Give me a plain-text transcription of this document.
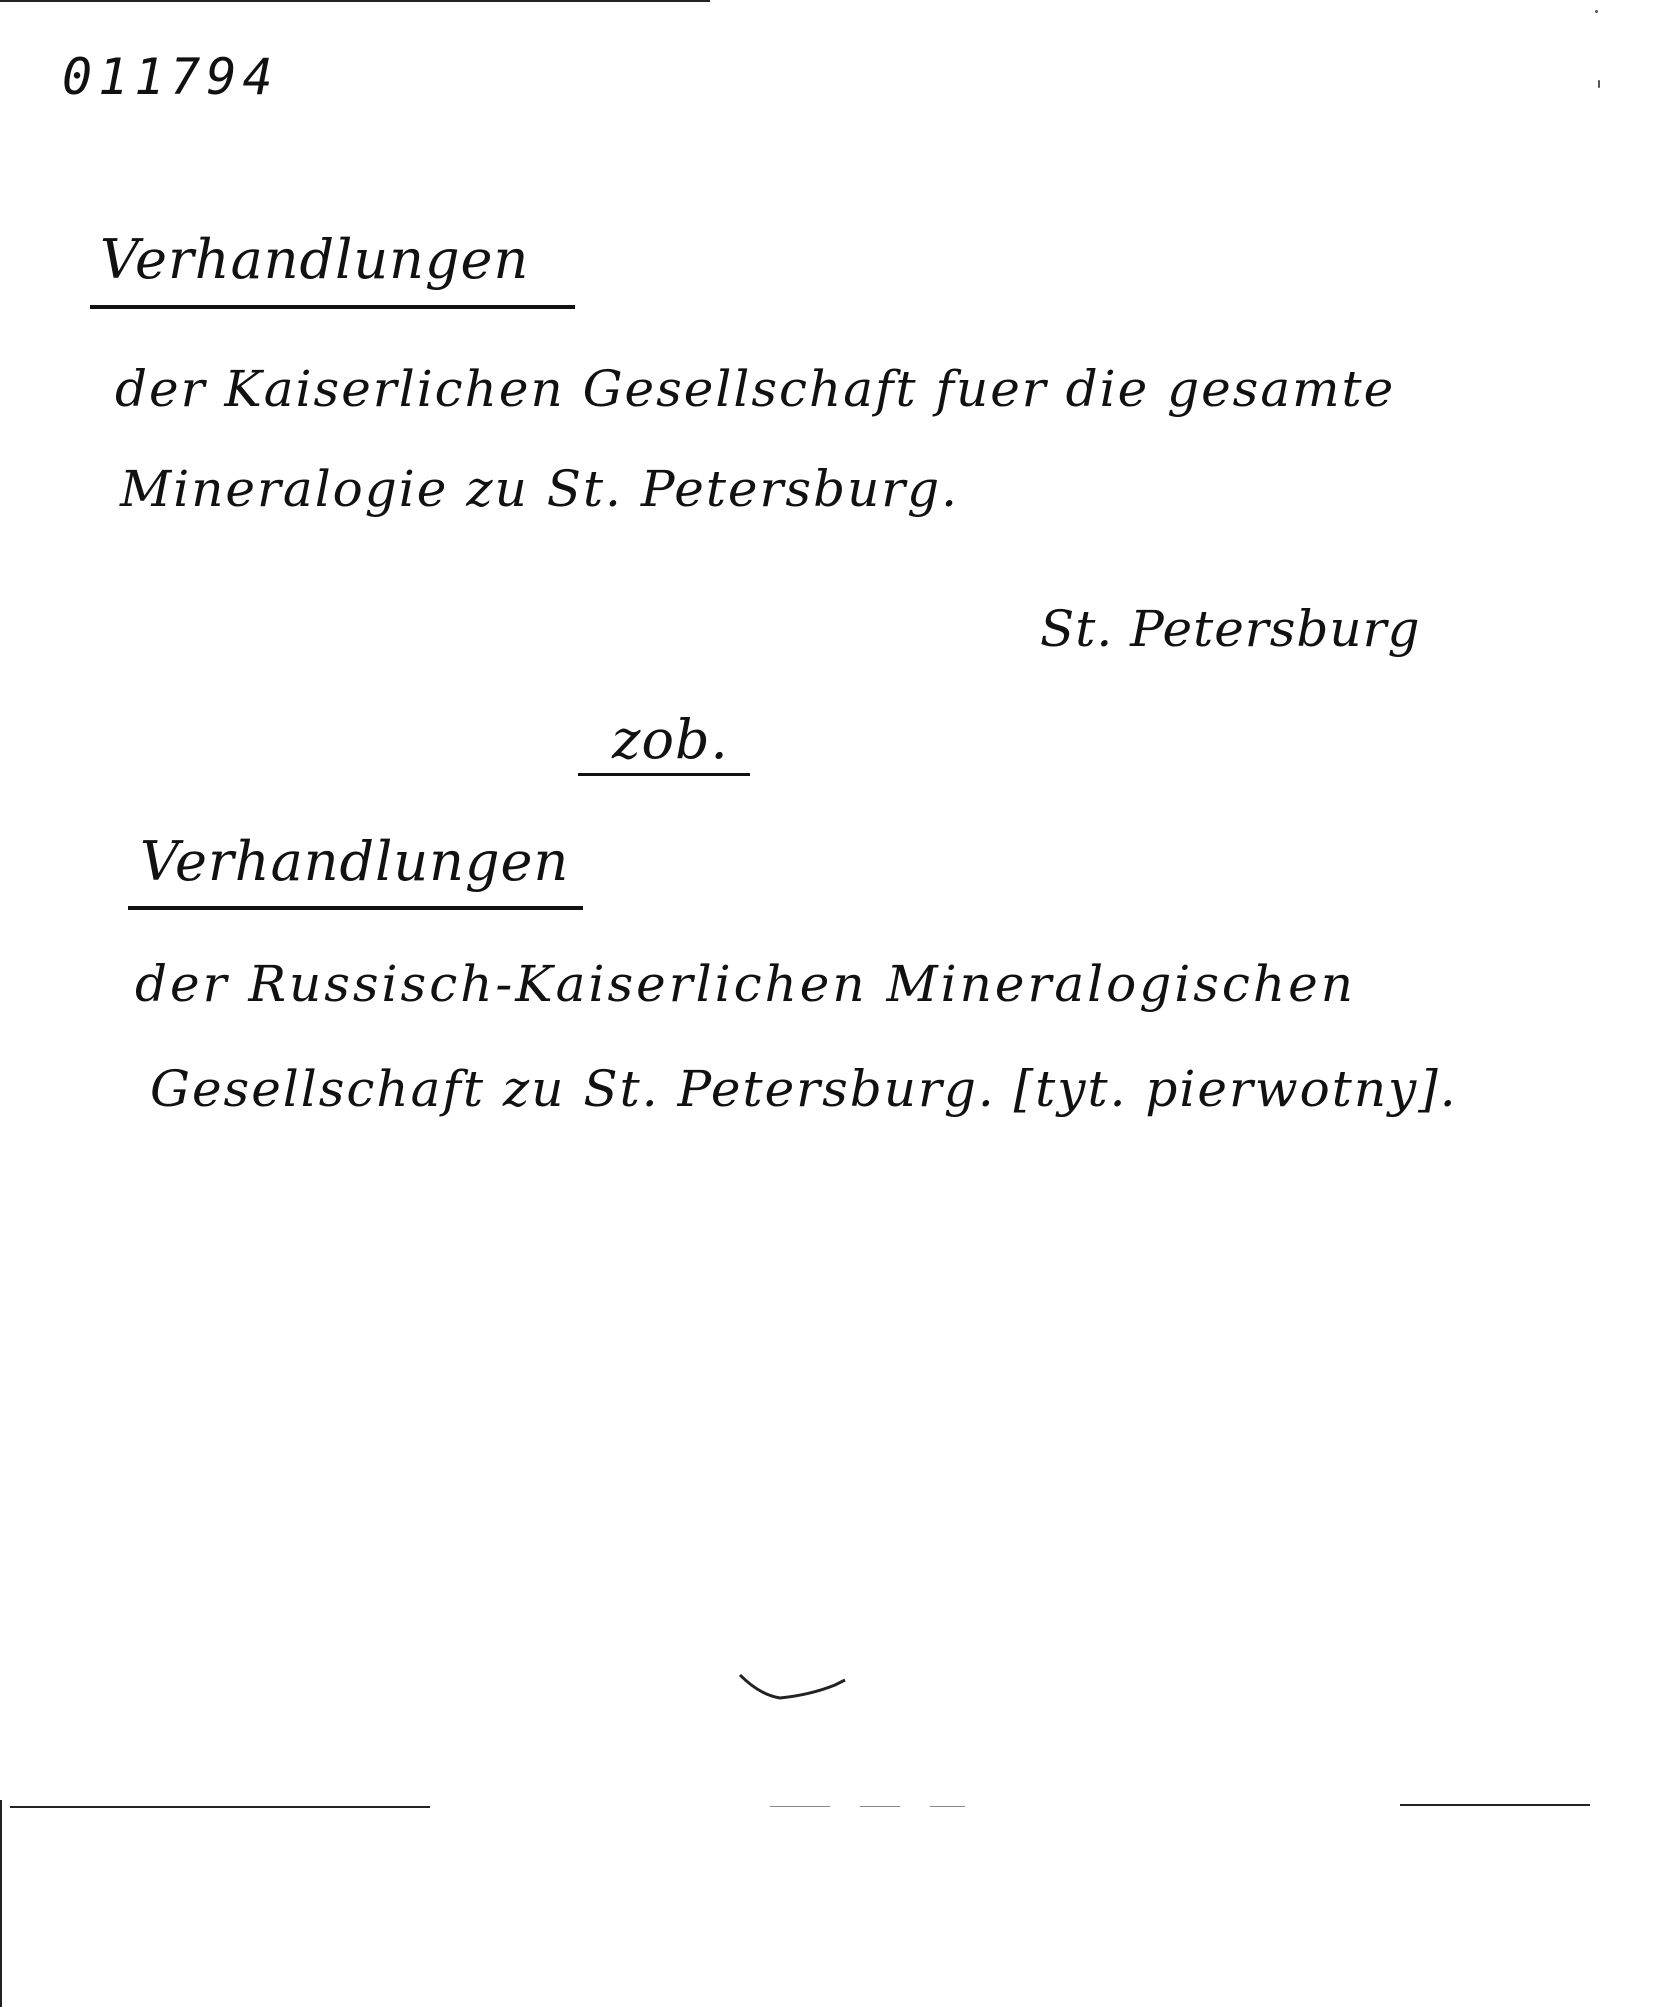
011794
Verhandlungen
der Kaiserlichen Gesellschaft fuer die gesamte
Mineralogie zu St. Petersburg.
St. Petersburg
zob.
Verhandlungen
der Russisch-Kaiserlichen Mineralogischen
Gesellschaft zu St. Petersburg. [tyt. pierwotny].
